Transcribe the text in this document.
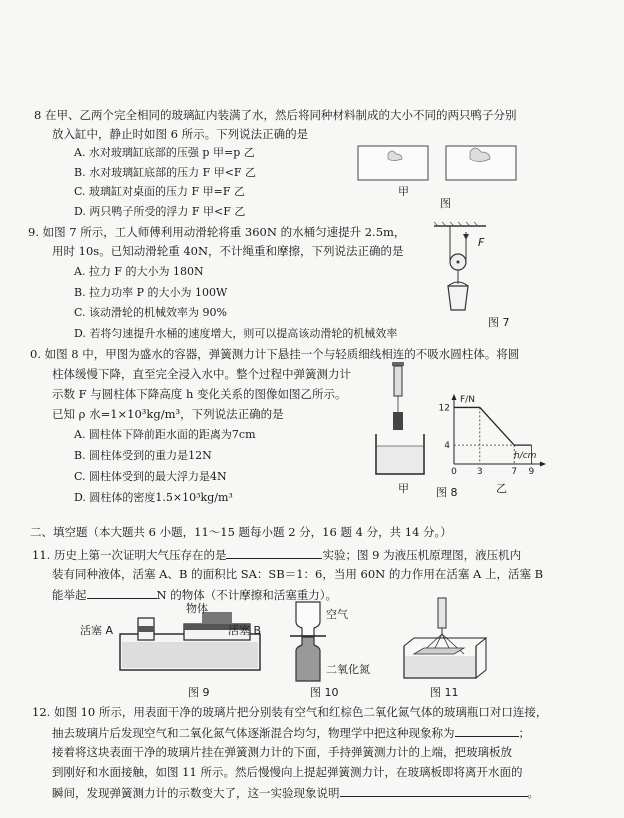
8 在甲、乙两个完全相同的玻璃缸内装满了水，然后将同种材料制成的大小不同的两只鸭子分别
放入缸中，静止时如图 6 所示。下列说法正确的是
A. 水对玻璃缸底部的压强 p 甲=p 乙
B. 水对玻璃缸底部的压力 F 甲<F 乙
C. 玻璃缸对桌面的压力 F 甲=F 乙
D. 两只鸭子所受的浮力 F 甲<F 乙
甲
图
9. 如图 7 所示，工人师傅利用动滑轮将重 360N 的水桶匀速提升 2.5m，
用时 10s。已知动滑轮重 40N，不计绳重和摩擦，下列说法正确的是
A. 拉力 F 的大小为 180N
B. 拉力功率 P 的大小为 100W
C. 该动滑轮的机械效率为 90%
D. 若将匀速提升水桶的速度增大，则可以提高该动滑轮的机械效率
F
图 7
0. 如图 8 中，甲图为盛水的容器，弹簧测力计下悬挂一个与轻质细线相连的不吸水圆柱体。将圆
柱体缓慢下降，直至完全浸入水中。整个过程中弹簧测力计
示数 F 与圆柱体下降高度 h 变化关系的图像如图乙所示。
已知 ρ 水=1×10³kg/m³，下列说法正确的是
A. 圆柱体下降前距水面的距离为7cm
B. 圆柱体受到的重力是12N
C. 圆柱体受到的最大浮力是4N
D. 圆柱体的密度1.5×10³kg/m³
甲
F/N
h/cm
0 3	7 9
12
4
乙
图 8
二、填空题（本大题共 6 小题，11～15 题每小题 2 分，16 题 4 分，共 14 分。）
11. 历史上第一次证明大气压存在的是	实验；图 9 为液压机原理图，液压机内
装有同种液体，活塞 A、B 的面积比 SA：SB＝1：6，当用 60N 的力作用在活塞 A 上，活塞 B
能举起	N 的物体（不计摩擦和活塞重力）。
物体
活塞 A	活塞 B
图 9
空气
二氧化氮
图 10	图 11
12. 如图 10 所示，用表面干净的玻璃片把分别装有空气和红棕色二氧化氮气体的玻璃瓶口对口连接，
抽去玻璃片后发现空气和二氧化氮气体逐渐混合均匀，物理学中把这种现象称为	；
接着将这块表面干净的玻璃片挂在弹簧测力计的下面，手持弹簧测力计的上端，把玻璃板放
到刚好和水面接触，如图 11 所示。然后慢慢向上提起弹簧测力计，在玻璃板即将离开水面的
瞬间，发现弹簧测力计的示数变大了，这一实验现象说明	。
